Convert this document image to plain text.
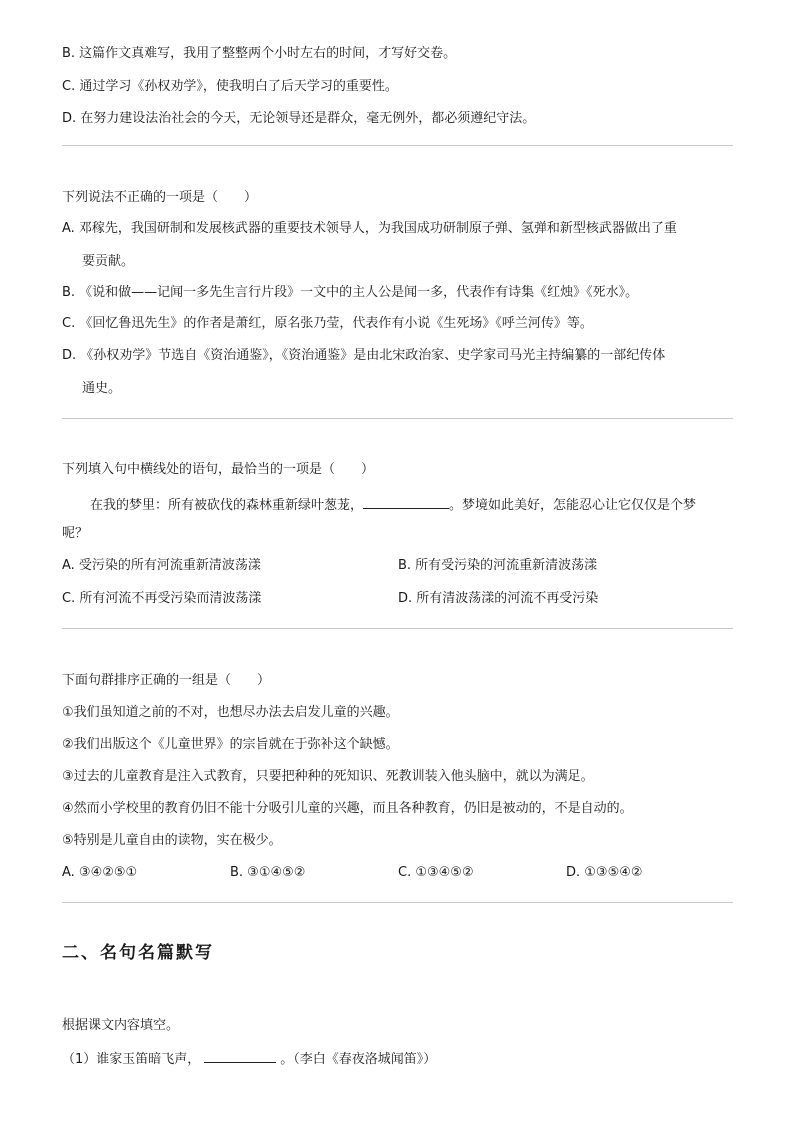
B. 这篇作文真难写，我用了整整两个小时左右的时间，才写好交卷。
C. 通过学习《孙权劝学》，使我明白了后天学习的重要性。
D. 在努力建设法治社会的今天，无论领导还是群众，毫无例外，都必须遵纪守法。
下列说法不正确的一项是（　　）
A. 邓稼先，我国研制和发展核武器的重要技术领导人，为我国成功研制原子弹、氢弹和新型核武器做出了重
要贡献。
B. 《说和做——记闻一多先生言行片段》一文中的主人公是闻一多，代表作有诗集《红烛》《死水》。
C. 《回忆鲁迅先生》的作者是萧红，原名张乃莹，代表作有小说《生死场》《呼兰河传》等。
D. 《孙权劝学》节选自《资治通鉴》，《资治通鉴》是由北宋政治家、史学家司马光主持编纂的一部纪传体
通史。
下列填入句中横线处的语句，最恰当的一项是（　　）
在我的梦里：所有被砍伐的森林重新绿叶葱茏，	。梦境如此美好，怎能忍心让它仅仅是个梦
呢？
A. 受污染的所有河流重新清波荡漾	B. 所有受污染的河流重新清波荡漾
C. 所有河流不再受污染而清波荡漾	D. 所有清波荡漾的河流不再受污染
下面句群排序正确的一组是（　　）
①我们虽知道之前的不对，也想尽办法去启发儿童的兴趣。
②我们出版这个《儿童世界》的宗旨就在于弥补这个缺憾。
③过去的儿童教育是注入式教育，只要把种种的死知识、死教训装入他头脑中，就以为满足。
④然而小学校里的教育仍旧不能十分吸引儿童的兴趣，而且各种教育，仍旧是被动的，不是自动的。
⑤特别是儿童自由的读物，实在极少。
A. ③④②⑤①	B. ③①④⑤②	C. ①③④⑤②	D. ①③⑤④②
二、名句名篇默写
根据课文内容填空。
（1）谁家玉笛暗飞声，	。（李白《春夜洛城闻笛》）
